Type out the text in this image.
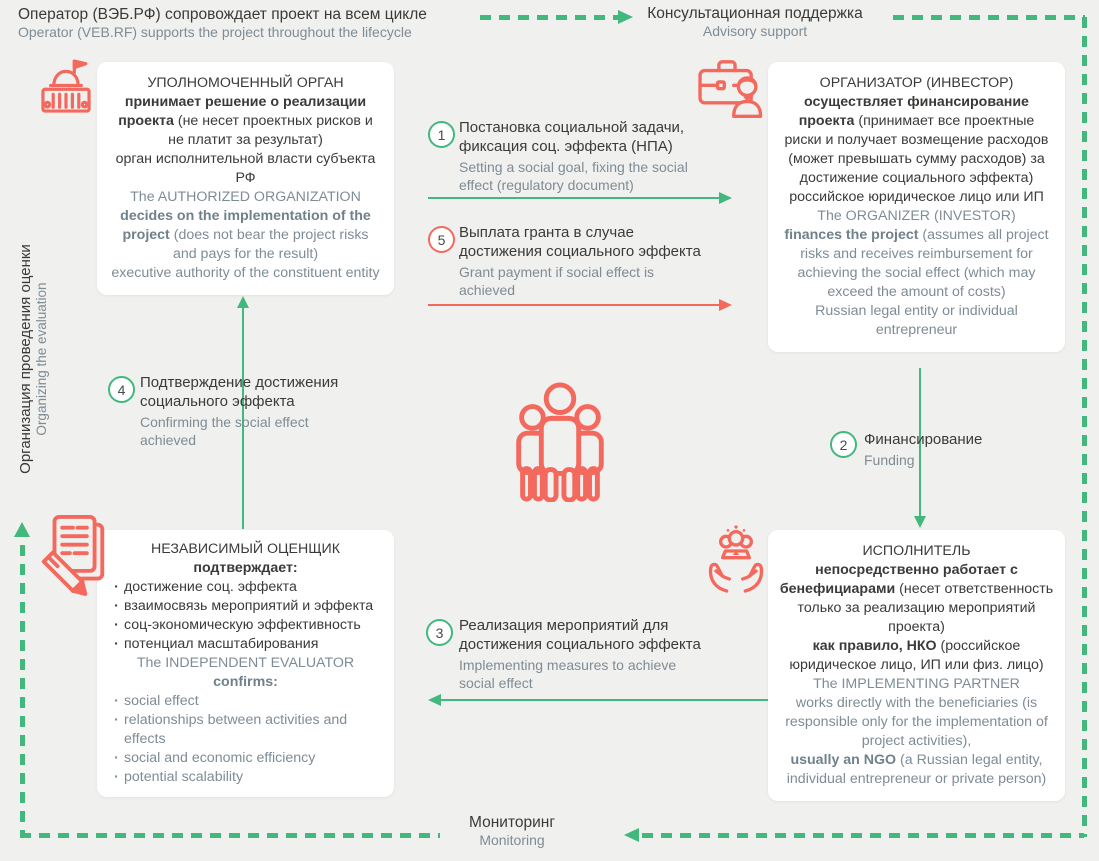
Оператор (ВЭБ.РФ) сопровождает проект на всем цикле
Operator (VEB.RF) supports the project throughout the lifecycle
Консультационная поддержка
Advisory support
Мониторинг
Monitoring
Организация проведения оценки Organizing the evaluation

УПОЛНОМОЧЕННЫЙ ОРГАН

принимает решение о реализации проекта (не несет проектных рисков и не платит за результат)

орган исполнительной власти субъекта РФ

The AUTHORIZED ORGANIZATION

decides on the implementation of the project (does not bear the project risks and pays for the result)

executive authority of the constituent entity

ОРГАНИЗАТОР (ИНВЕСТОР)

осуществляет финансирование проекта (принимает все проектные риски и получает возмещение расходов (может превышать сумму расходов) за достижение социального эффекта)

российское юридическое лицо или ИП

The ORGANIZER (INVESTOR)

finances the project (assumes all project risks and receives reimbursement for achieving the social effect (which may exceed the amount of costs)

Russian legal entity or individual entrepreneur

НЕЗАВИСИМЫЙ ОЦЕНЩИК

подтверждает:

· достижение соц. эффекта
· взаимосвязь мероприятий и эффекта
· соц-экономическую эффективность
· потенциал масштабирования

The INDEPENDENT EVALUATOR

confirms:

· social effect
· relationships between activities and effects
· social and economic efficiency
· potential scalability

ИСПОЛНИТЕЛЬ

непосредственно работает с бенефициарами (несет ответственность только за реализацию мероприятий проекта)

как правило, НКО (российское юридическое лицо, ИП или физ. лицо)

The IMPLEMENTING PARTNER

works directly with the beneficiaries (is responsible only for the implementation of project activities),

usually an NGO (a Russian legal entity, individual entrepreneur or private person)

1 Постановка социальной задачи, фиксация соц. эффекта (НПА)
Setting a social goal, fixing the social effect (regulatory document)
5 Выплата гранта в случае достижения социального эффекта
Grant payment if social effect is achieved
4 Подтверждение достижения социального эффекта
Confirming the social effect achieved	2	Финансирование
Funding
3	Реализация мероприятий для достижения социального эффекта
Implementing measures to achieve social effect
